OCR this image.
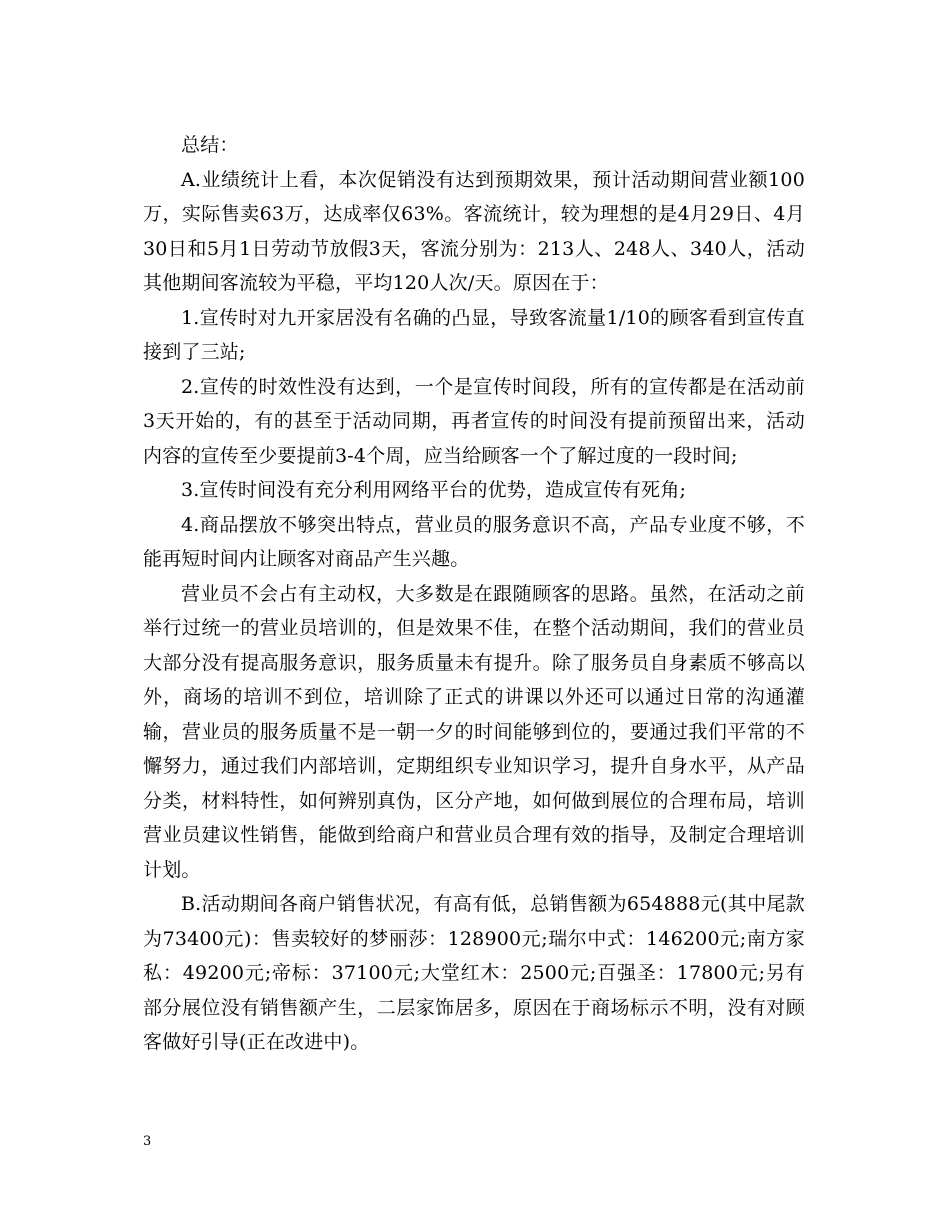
总结：

A.业绩统计上看，本次促销没有达到预期效果，预计活动期间营业额100万，实际售卖63万，达成率仅63%。客流统计，较为理想的是4月29日、4月30日和5月1日劳动节放假3天，客流分别为：213人、248人、340人，活动其他期间客流较为平稳，平均120人次/天。原因在于：

1.宣传时对九开家居没有名确的凸显，导致客流量1/10的顾客看到宣传直接到了三站;

2.宣传的时效性没有达到，一个是宣传时间段，所有的宣传都是在活动前3天开始的，有的甚至于活动同期，再者宣传的时间没有提前预留出来，活动内容的宣传至少要提前3-4个周，应当给顾客一个了解过度的一段时间;

3.宣传时间没有充分利用网络平台的优势，造成宣传有死角;

4.商品摆放不够突出特点，营业员的服务意识不高，产品专业度不够，不能再短时间内让顾客对商品产生兴趣。

营业员不会占有主动权，大多数是在跟随顾客的思路。虽然，在活动之前举行过统一的营业员培训的，但是效果不佳，在整个活动期间，我们的营业员大部分没有提高服务意识，服务质量未有提升。除了服务员自身素质不够高以外，商场的培训不到位，培训除了正式的讲课以外还可以通过日常的沟通灌输，营业员的服务质量不是一朝一夕的时间能够到位的，要通过我们平常的不懈努力，通过我们内部培训，定期组织专业知识学习，提升自身水平，从产品分类，材料特性，如何辨别真伪，区分产地，如何做到展位的合理布局，培训营业员建议性销售，能做到给商户和营业员合理有效的指导，及制定合理培训计划。

B.活动期间各商户销售状况，有高有低，总销售额为654888元(其中尾款为73400元)：售卖较好的梦丽莎：128900元;瑞尔中式：146200元;南方家私：49200元;帝标：37100元;大堂红木：2500元;百强圣：17800元;另有部分展位没有销售额产生，二层家饰居多，原因在于商场标示不明，没有对顾客做好引导(正在改进中)。

3
